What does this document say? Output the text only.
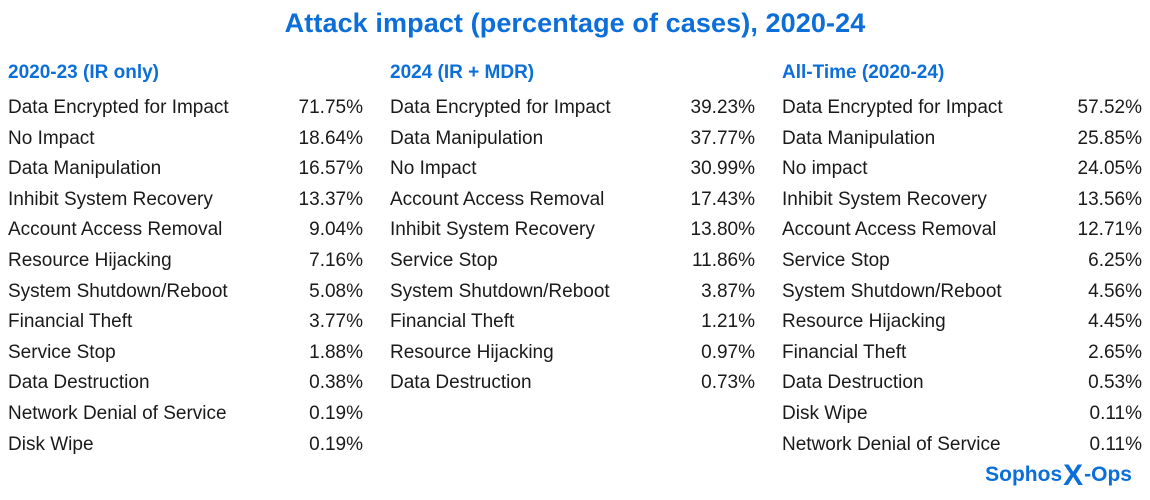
Attack impact (percentage of cases), 2020-24
2020-23 (IR only)
Data Encrypted for Impact	71.75%
No Impact	18.64%
Data Manipulation	16.57%
Inhibit System Recovery	13.37%
Account Access Removal	9.04%
Resource Hijacking	7.16%
System Shutdown/Reboot	5.08%
Financial Theft	3.77%
Service Stop	1.88%
Data Destruction	0.38%
Network Denial of Service	0.19%
Disk Wipe	0.19%
2024 (IR + MDR)
Data Encrypted for Impact	39.23%
Data Manipulation	37.77%
No Impact	30.99%
Account Access Removal	17.43%
Inhibit System Recovery	13.80%
Service Stop	11.86%
System Shutdown/Reboot	3.87%
Financial Theft	1.21%
Resource Hijacking	0.97%
Data Destruction	0.73%
All-Time (2020-24)
Data Encrypted for Impact	57.52%
Data Manipulation	25.85%
No impact	24.05%
Inhibit System Recovery	13.56%
Account Access Removal	12.71%
Service Stop	6.25%
System Shutdown/Reboot	4.56%
Resource Hijacking	4.45%
Financial Theft	2.65%
Data Destruction	0.53%
Disk Wipe	0.11%
Network Denial of Service	0.11%
Sophos X -Ops
